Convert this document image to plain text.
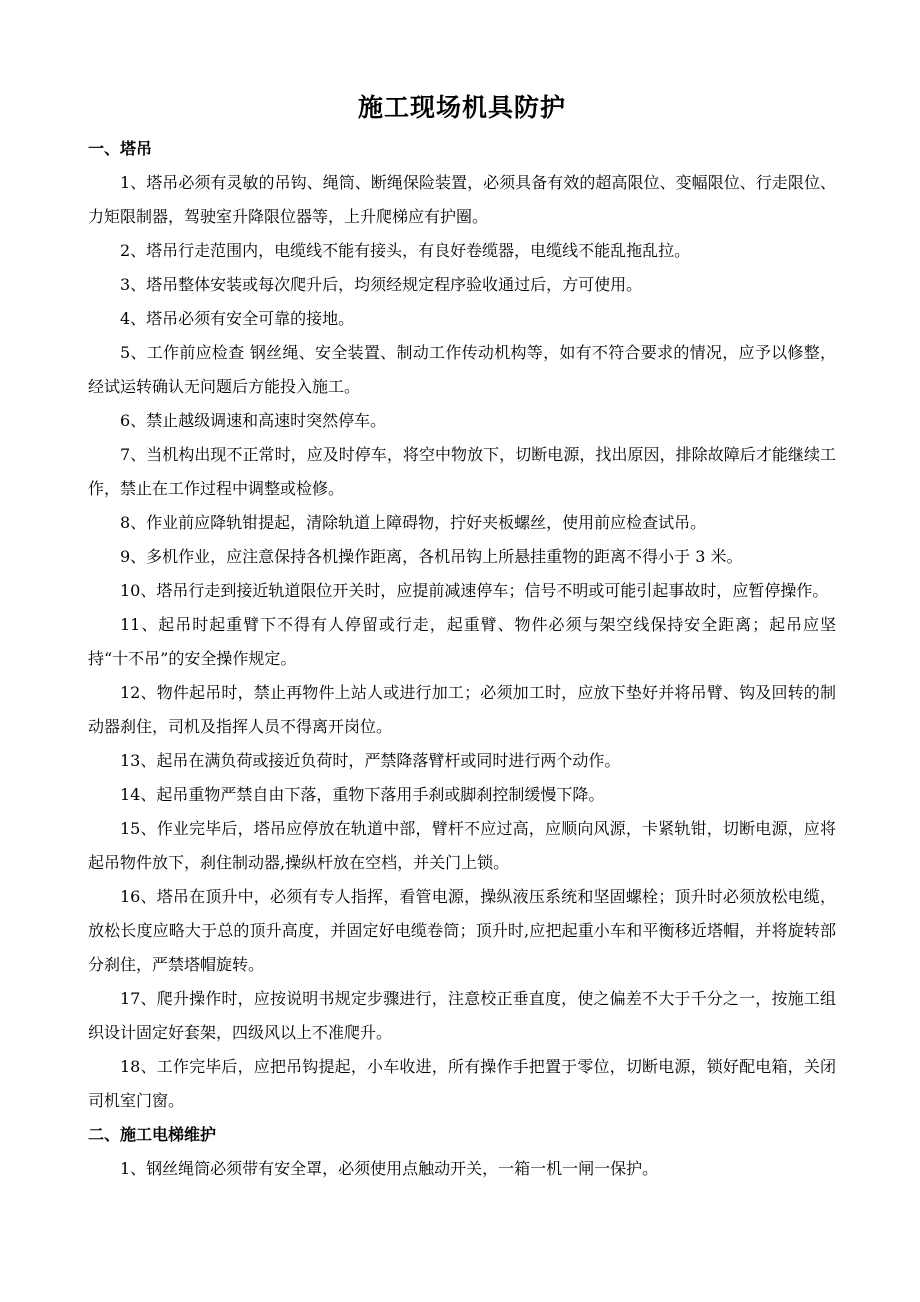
施工现场机具防护
一、塔吊

1、塔吊必须有灵敏的吊钩、绳筒、断绳保险装置，必须具备有效的超高限位、变幅限位、行走限位、力矩限制器，驾驶室升降限位器等，上升爬梯应有护圈。

2、塔吊行走范围内，电缆线不能有接头，有良好卷缆器，电缆线不能乱拖乱拉。

3、塔吊整体安装或每次爬升后，均须经规定程序验收通过后，方可使用。

4、塔吊必须有安全可靠的接地。

5、工作前应检查 钢丝绳、安全装置、制动工作传动机构等，如有不符合要求的情况，应予以修整，经试运转确认无问题后方能投入施工。

6、禁止越级调速和高速时突然停车。

7、当机构出现不正常时，应及时停车，将空中物放下，切断电源，找出原因，排除故障后才能继续工作，禁止在工作过程中调整或检修。

8、作业前应降轨钳提起，清除轨道上障碍物，拧好夹板螺丝，使用前应检查试吊。

9、多机作业，应注意保持各机操作距离，各机吊钩上所悬挂重物的距离不得小于 3 米。

10、塔吊行走到接近轨道限位开关时，应提前减速停车；信号不明或可能引起事故时，应暂停操作。

11、起吊时起重臂下不得有人停留或行走，起重臂、物件必须与架空线保持安全距离；起吊应坚持“十不吊”的安全操作规定。

12、物件起吊时，禁止再物件上站人或进行加工；必须加工时，应放下垫好并将吊臂、钩及回转的制动器刹住，司机及指挥人员不得离开岗位。

13、起吊在满负荷或接近负荷时，严禁降落臂杆或同时进行两个动作。

14、起吊重物严禁自由下落，重物下落用手刹或脚刹控制缓慢下降。

15、作业完毕后，塔吊应停放在轨道中部，臂杆不应过高，应顺向风源，卡紧轨钳，切断电源，应将起吊物件放下，刹住制动器,操纵杆放在空档，并关门上锁。

16、塔吊在顶升中，必须有专人指挥，看管电源，操纵液压系统和坚固螺栓；顶升时必须放松电缆，放松长度应略大于总的顶升高度，并固定好电缆卷筒；顶升时,应把起重小车和平衡移近塔帽，并将旋转部分刹住，严禁塔帽旋转。

17、爬升操作时，应按说明书规定步骤进行，注意校正垂直度，使之偏差不大于千分之一，按施工组织设计固定好套架，四级风以上不准爬升。

18、工作完毕后，应把吊钩提起，小车收进，所有操作手把置于零位，切断电源，锁好配电箱，关闭司机室门窗。

二、施工电梯维护

1、钢丝绳筒必须带有安全罩，必须使用点触动开关，一箱一机一闸一保护。
